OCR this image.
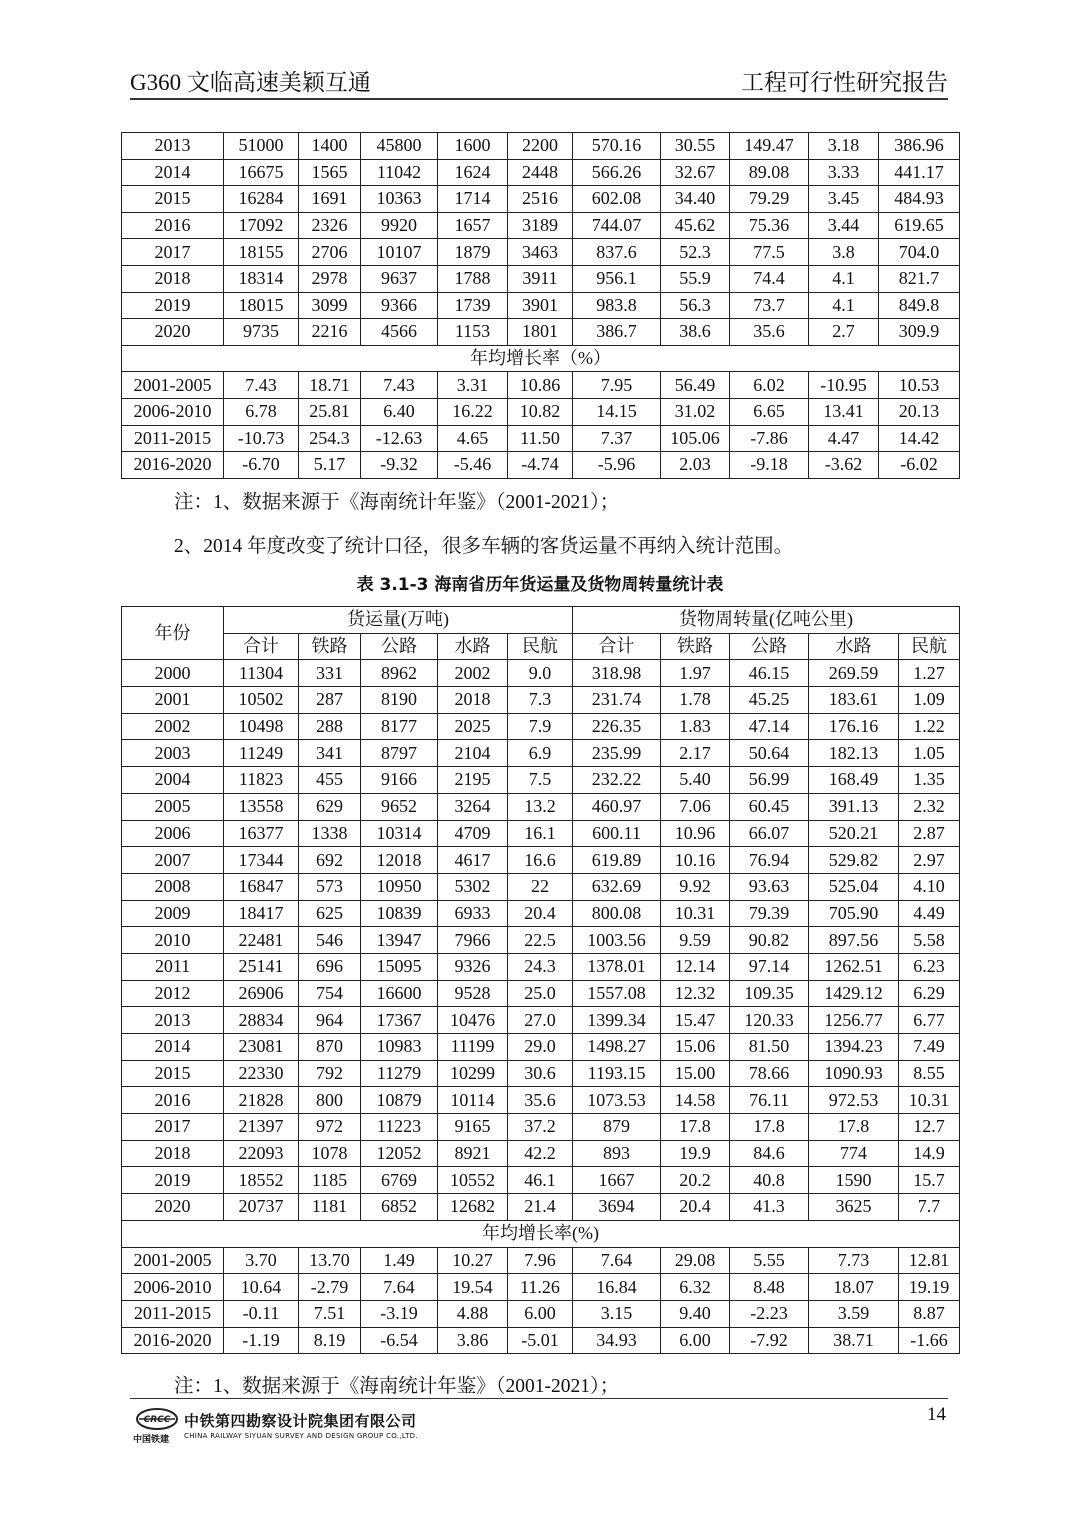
G360 文临高速美颖互通	工程可行性研究报告
2013	51000	1400	45800	1600	2200	570.16	30.55	149.47	3.18	386.96
2014	16675	1565	11042	1624	2448	566.26	32.67	89.08	3.33	441.17
2015	16284	1691	10363	1714	2516	602.08	34.40	79.29	3.45	484.93
2016	17092	2326	9920	1657	3189	744.07	45.62	75.36	3.44	619.65
2017	18155	2706	10107	1879	3463	837.6	52.3	77.5	3.8	704.0
2018	18314	2978	9637	1788	3911	956.1	55.9	74.4	4.1	821.7
2019	18015	3099	9366	1739	3901	983.8	56.3	73.7	4.1	849.8
2020	9735	2216	4566	1153	1801	386.7	38.6	35.6	2.7	309.9
年均增长率（%）										
2001-2005	7.43	18.71	7.43	3.31	10.86	7.95	56.49	6.02	-10.95	10.53
2006-2010	6.78	25.81	6.40	16.22	10.82	14.15	31.02	6.65	13.41	20.13
2011-2015	-10.73	254.3	-12.63	4.65	11.50	7.37	105.06	-7.86	4.47	14.42
2016-2020	-6.70	5.17	-9.32	-5.46	-4.74	-5.96	2.03	-9.18	-3.62	-6.02
注：1、数据来源于《海南统计年鉴》（2001-2021）；
2、2014 年度改变了统计口径，很多车辆的客货运量不再纳入统计范围。
表 3.1-3 海南省历年货运量及货物周转量统计表
年份	货运量(万吨)					货物周转量(亿吨公里)				
	合计	铁路	公路	水路	民航	合计	铁路	公路	水路	民航
2000	11304	331	8962	2002	9.0	318.98	1.97	46.15	269.59	1.27
2001	10502	287	8190	2018	7.3	231.74	1.78	45.25	183.61	1.09
2002	10498	288	8177	2025	7.9	226.35	1.83	47.14	176.16	1.22
2003	11249	341	8797	2104	6.9	235.99	2.17	50.64	182.13	1.05
2004	11823	455	9166	2195	7.5	232.22	5.40	56.99	168.49	1.35
2005	13558	629	9652	3264	13.2	460.97	7.06	60.45	391.13	2.32
2006	16377	1338	10314	4709	16.1	600.11	10.96	66.07	520.21	2.87
2007	17344	692	12018	4617	16.6	619.89	10.16	76.94	529.82	2.97
2008	16847	573	10950	5302	22	632.69	9.92	93.63	525.04	4.10
2009	18417	625	10839	6933	20.4	800.08	10.31	79.39	705.90	4.49
2010	22481	546	13947	7966	22.5	1003.56	9.59	90.82	897.56	5.58
2011	25141	696	15095	9326	24.3	1378.01	12.14	97.14	1262.51	6.23
2012	26906	754	16600	9528	25.0	1557.08	12.32	109.35	1429.12	6.29
2013	28834	964	17367	10476	27.0	1399.34	15.47	120.33	1256.77	6.77
2014	23081	870	10983	11199	29.0	1498.27	15.06	81.50	1394.23	7.49
2015	22330	792	11279	10299	30.6	1193.15	15.00	78.66	1090.93	8.55
2016	21828	800	10879	10114	35.6	1073.53	14.58	76.11	972.53	10.31
2017	21397	972	11223	9165	37.2	879	17.8	17.8	17.8	12.7
2018	22093	1078	12052	8921	42.2	893	19.9	84.6	774	14.9
2019	18552	1185	6769	10552	46.1	1667	20.2	40.8	1590	15.7
2020	20737	1181	6852	12682	21.4	3694	20.4	41.3	3625	7.7
年均增长率(%)										
2001-2005	3.70	13.70	1.49	10.27	7.96	7.64	29.08	5.55	7.73	12.81
2006-2010	10.64	-2.79	7.64	19.54	11.26	16.84	6.32	8.48	18.07	19.19
2011-2015	-0.11	7.51	-3.19	4.88	6.00	3.15	9.40	-2.23	3.59	8.87
2016-2020	-1.19	8.19	-6.54	3.86	-5.01	34.93	6.00	-7.92	38.71	-1.66
注：1、数据来源于《海南统计年鉴》（2001-2021）；
CRCC
中国铁建
中铁第四勘察设计院集团有限公司
CHINA RAILWAY SIYUAN SURVEY AND DESIGN GROUP CO.,LTD.
14
